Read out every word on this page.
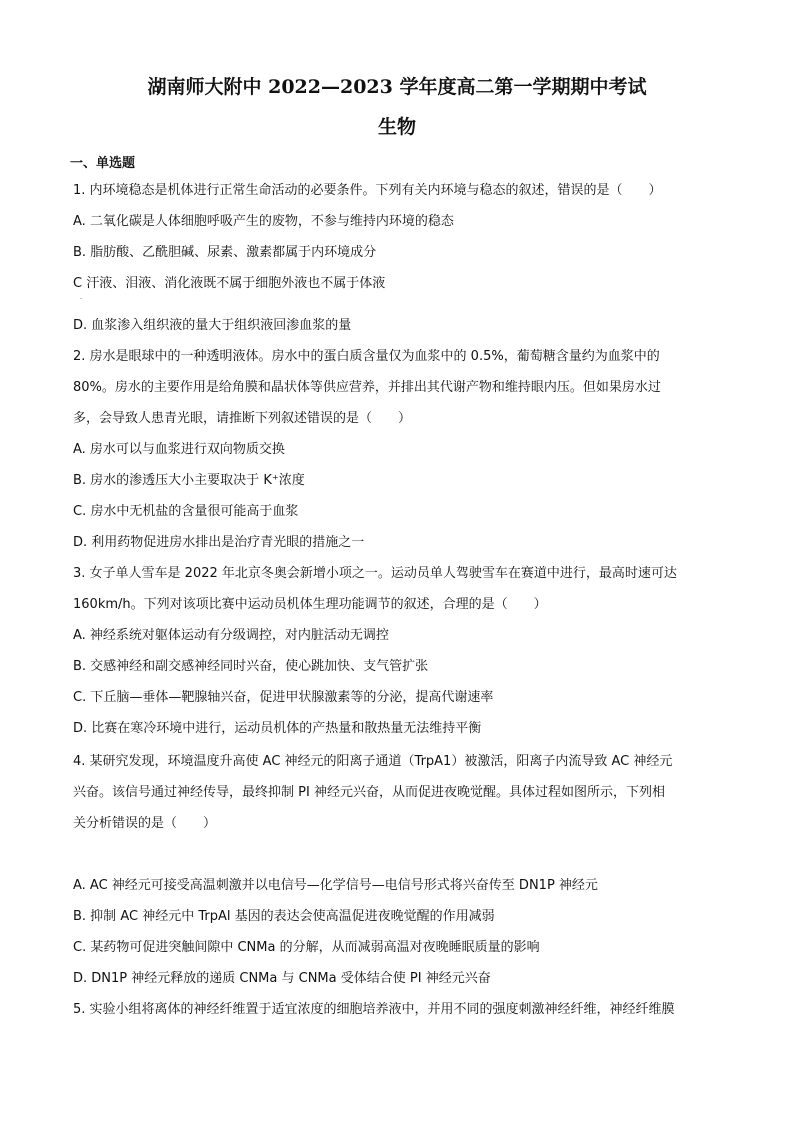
湖南师大附中 2022—2023 学年度高二第一学期期中考试
生物
一、单选题
1. 内环境稳态是机体进行正常生命活动的必要条件。下列有关内环境与稳态的叙述，错误的是（　　）
A. 二氧化碳是人体细胞呼吸产生的废物，不参与维持内环境的稳态
B. 脂肪酸、乙酰胆碱、尿素、激素都属于内环境成分
C 汗液、泪液、消化液既不属于细胞外液也不属于体液
·
D. 血浆渗入组织液的量大于组织液回渗血浆的量
2. 房水是眼球中的一种透明液体。房水中的蛋白质含量仅为血浆中的 0.5%，葡萄糖含量约为血浆中的
80%。房水的主要作用是给角膜和晶状体等供应营养，并排出其代谢产物和维持眼内压。但如果房水过
多，会导致人患青光眼，请推断下列叙述错误的是（　　）
A. 房水可以与血浆进行双向物质交换
B. 房水的渗透压大小主要取决于 K⁺浓度
C. 房水中无机盐的含量很可能高于血浆
D. 利用药物促进房水排出是治疗青光眼的措施之一
3. 女子单人雪车是 2022 年北京冬奥会新增小项之一。运动员单人驾驶雪车在赛道中进行，最高时速可达
160km/h。下列对该项比赛中运动员机体生理功能调节的叙述，合理的是（　　）
A. 神经系统对躯体运动有分级调控，对内脏活动无调控
B. 交感神经和副交感神经同时兴奋，使心跳加快、支气管扩张
C. 下丘脑—垂体—靶腺轴兴奋，促进甲状腺激素等的分泌，提高代谢速率
D. 比赛在寒冷环境中进行，运动员机体的产热量和散热量无法维持平衡
4. 某研究发现，环境温度升高使 AC 神经元的阳离子通道（TrpA1）被激活，阳离子内流导致 AC 神经元
兴奋。该信号通过神经传导，最终抑制 PI 神经元兴奋，从而促进夜晚觉醒。具体过程如图所示，下列相
关分析错误的是（　　）
A. AC 神经元可接受高温刺激并以电信号—化学信号—电信号形式将兴奋传至 DN1P 神经元
B. 抑制 AC 神经元中 TrpAl 基因的表达会使高温促进夜晚觉醒的作用减弱
C. 某药物可促进突触间隙中 CNMa 的分解，从而减弱高温对夜晚睡眠质量的影响
D. DN1P 神经元释放的递质 CNMa 与 CNMa 受体结合使 PI 神经元兴奋
5. 实验小组将离体的神经纤维置于适宜浓度的细胞培养液中，并用不同的强度刺激神经纤维，神经纤维膜
